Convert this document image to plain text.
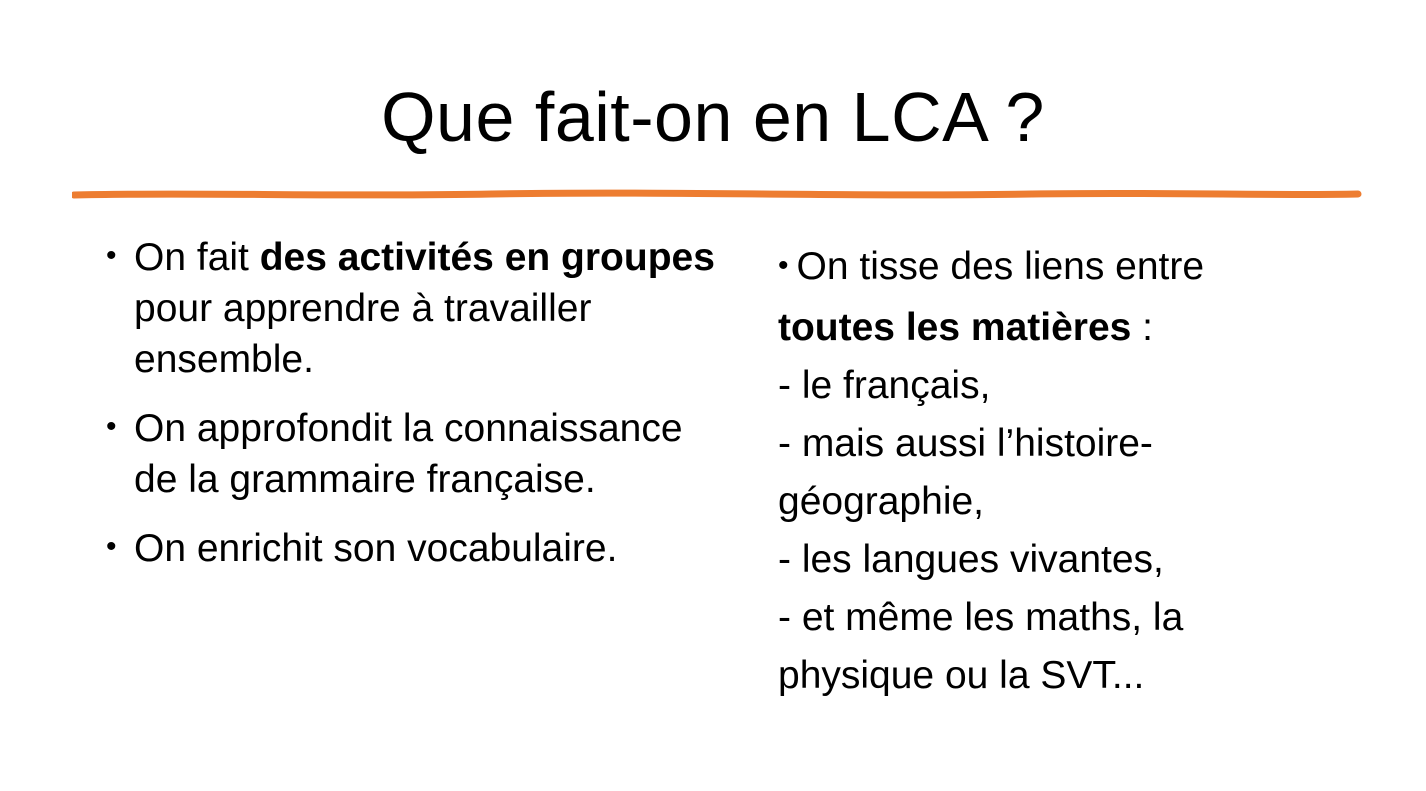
Que fait-on en LCA ?
• On fait des activités en groupes pour apprendre à travailler ensemble.
• On approfondit la connaissance de la grammaire française.
• On enrichit son vocabulaire.
• On tisse des liens entre
toutes les matières :
- le français,
- mais aussi l’histoire-
géographie,
- les langues vivantes,
- et même les maths, la
physique ou la SVT...
